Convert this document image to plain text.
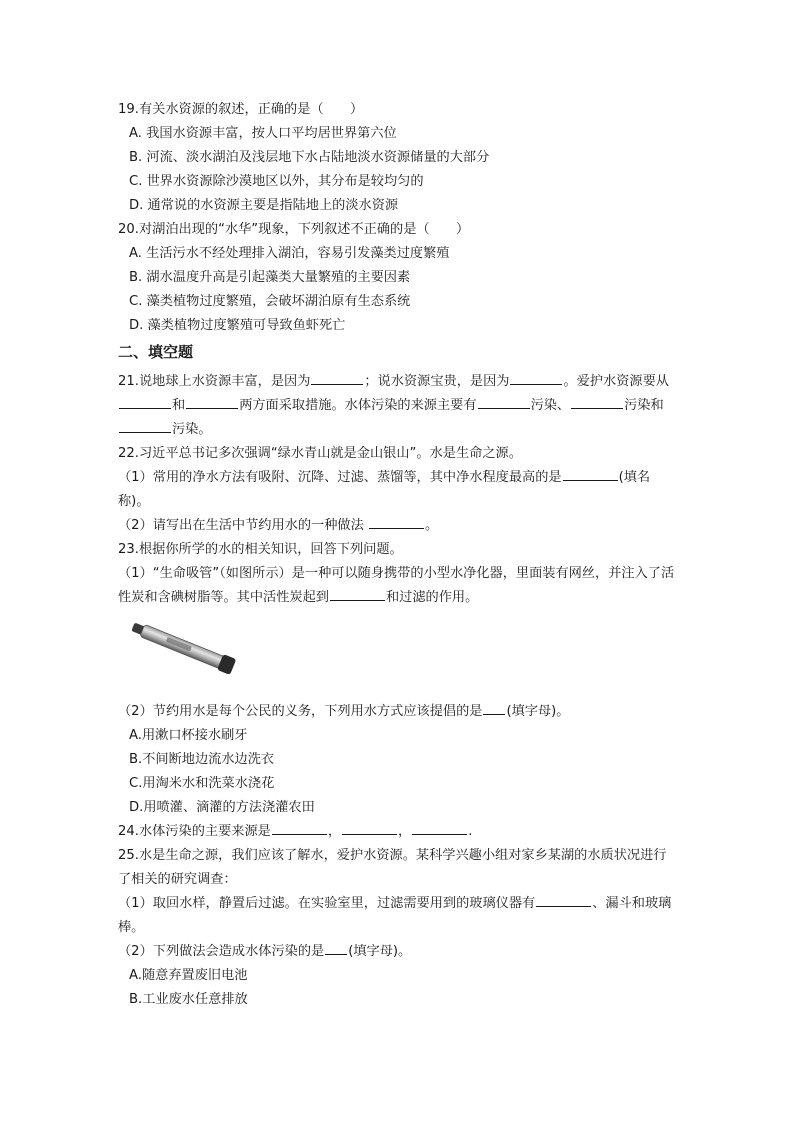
19.有关水资源的叙述，正确的是（　　）
A. 我国水资源丰富，按人口平均居世界第六位
B. 河流、淡水湖泊及浅层地下水占陆地淡水资源储量的大部分
C. 世界水资源除沙漠地区以外，其分布是较均匀的
D. 通常说的水资源主要是指陆地上的淡水资源
20.对湖泊出现的“水华”现象，下列叙述不正确的是（　　）
A. 生活污水不经处理排入湖泊，容易引发藻类过度繁殖
B. 湖水温度升高是引起藻类大量繁殖的主要因素
C. 藻类植物过度繁殖，会破坏湖泊原有生态系统
D. 藻类植物过度繁殖可导致鱼虾死亡
二、填空题
21.说地球上水资源丰富，是因为	；说水资源宝贵，是因为	。爱护水资源要从和	两方面采取措施。水体污染的来源主要有	污染、	污染和污染。
22.习近平总书记多次强调“绿水青山就是金山银山”。水是生命之源。
（1）常用的净水方法有吸附、沉降、过滤、蒸馏等，其中净水程度最高的是	(填名称)。
（2）请写出在生活中节约用水的一种做法	。
23.根据你所学的水的相关知识，回答下列问题。
（1）“生命吸管”（如图所示）是一种可以随身携带的小型水净化器，里面装有网丝，并注入了活性炭和含碘树脂等。其中活性炭起到	和过滤的作用。
（2）节约用水是每个公民的义务，下列用水方式应该提倡的是 (填字母)。
A.用漱口杯接水刷牙
B.不间断地边流水边洗衣
C.用淘米水和洗菜水浇花
D.用喷灌、滴灌的方法浇灌农田
24.水体污染的主要来源是	，	，	.
25.水是生命之源，我们应该了解水，爱护水资源。某科学兴趣小组对家乡某湖的水质状况进行了相关的研究调查：
（1）取回水样，静置后过滤。在实验室里，过滤需要用到的玻璃仪器有	、漏斗和玻璃棒。
（2）下列做法会造成水体污染的是 (填字母)。
A.随意弃置废旧电池
B.工业废水任意排放
